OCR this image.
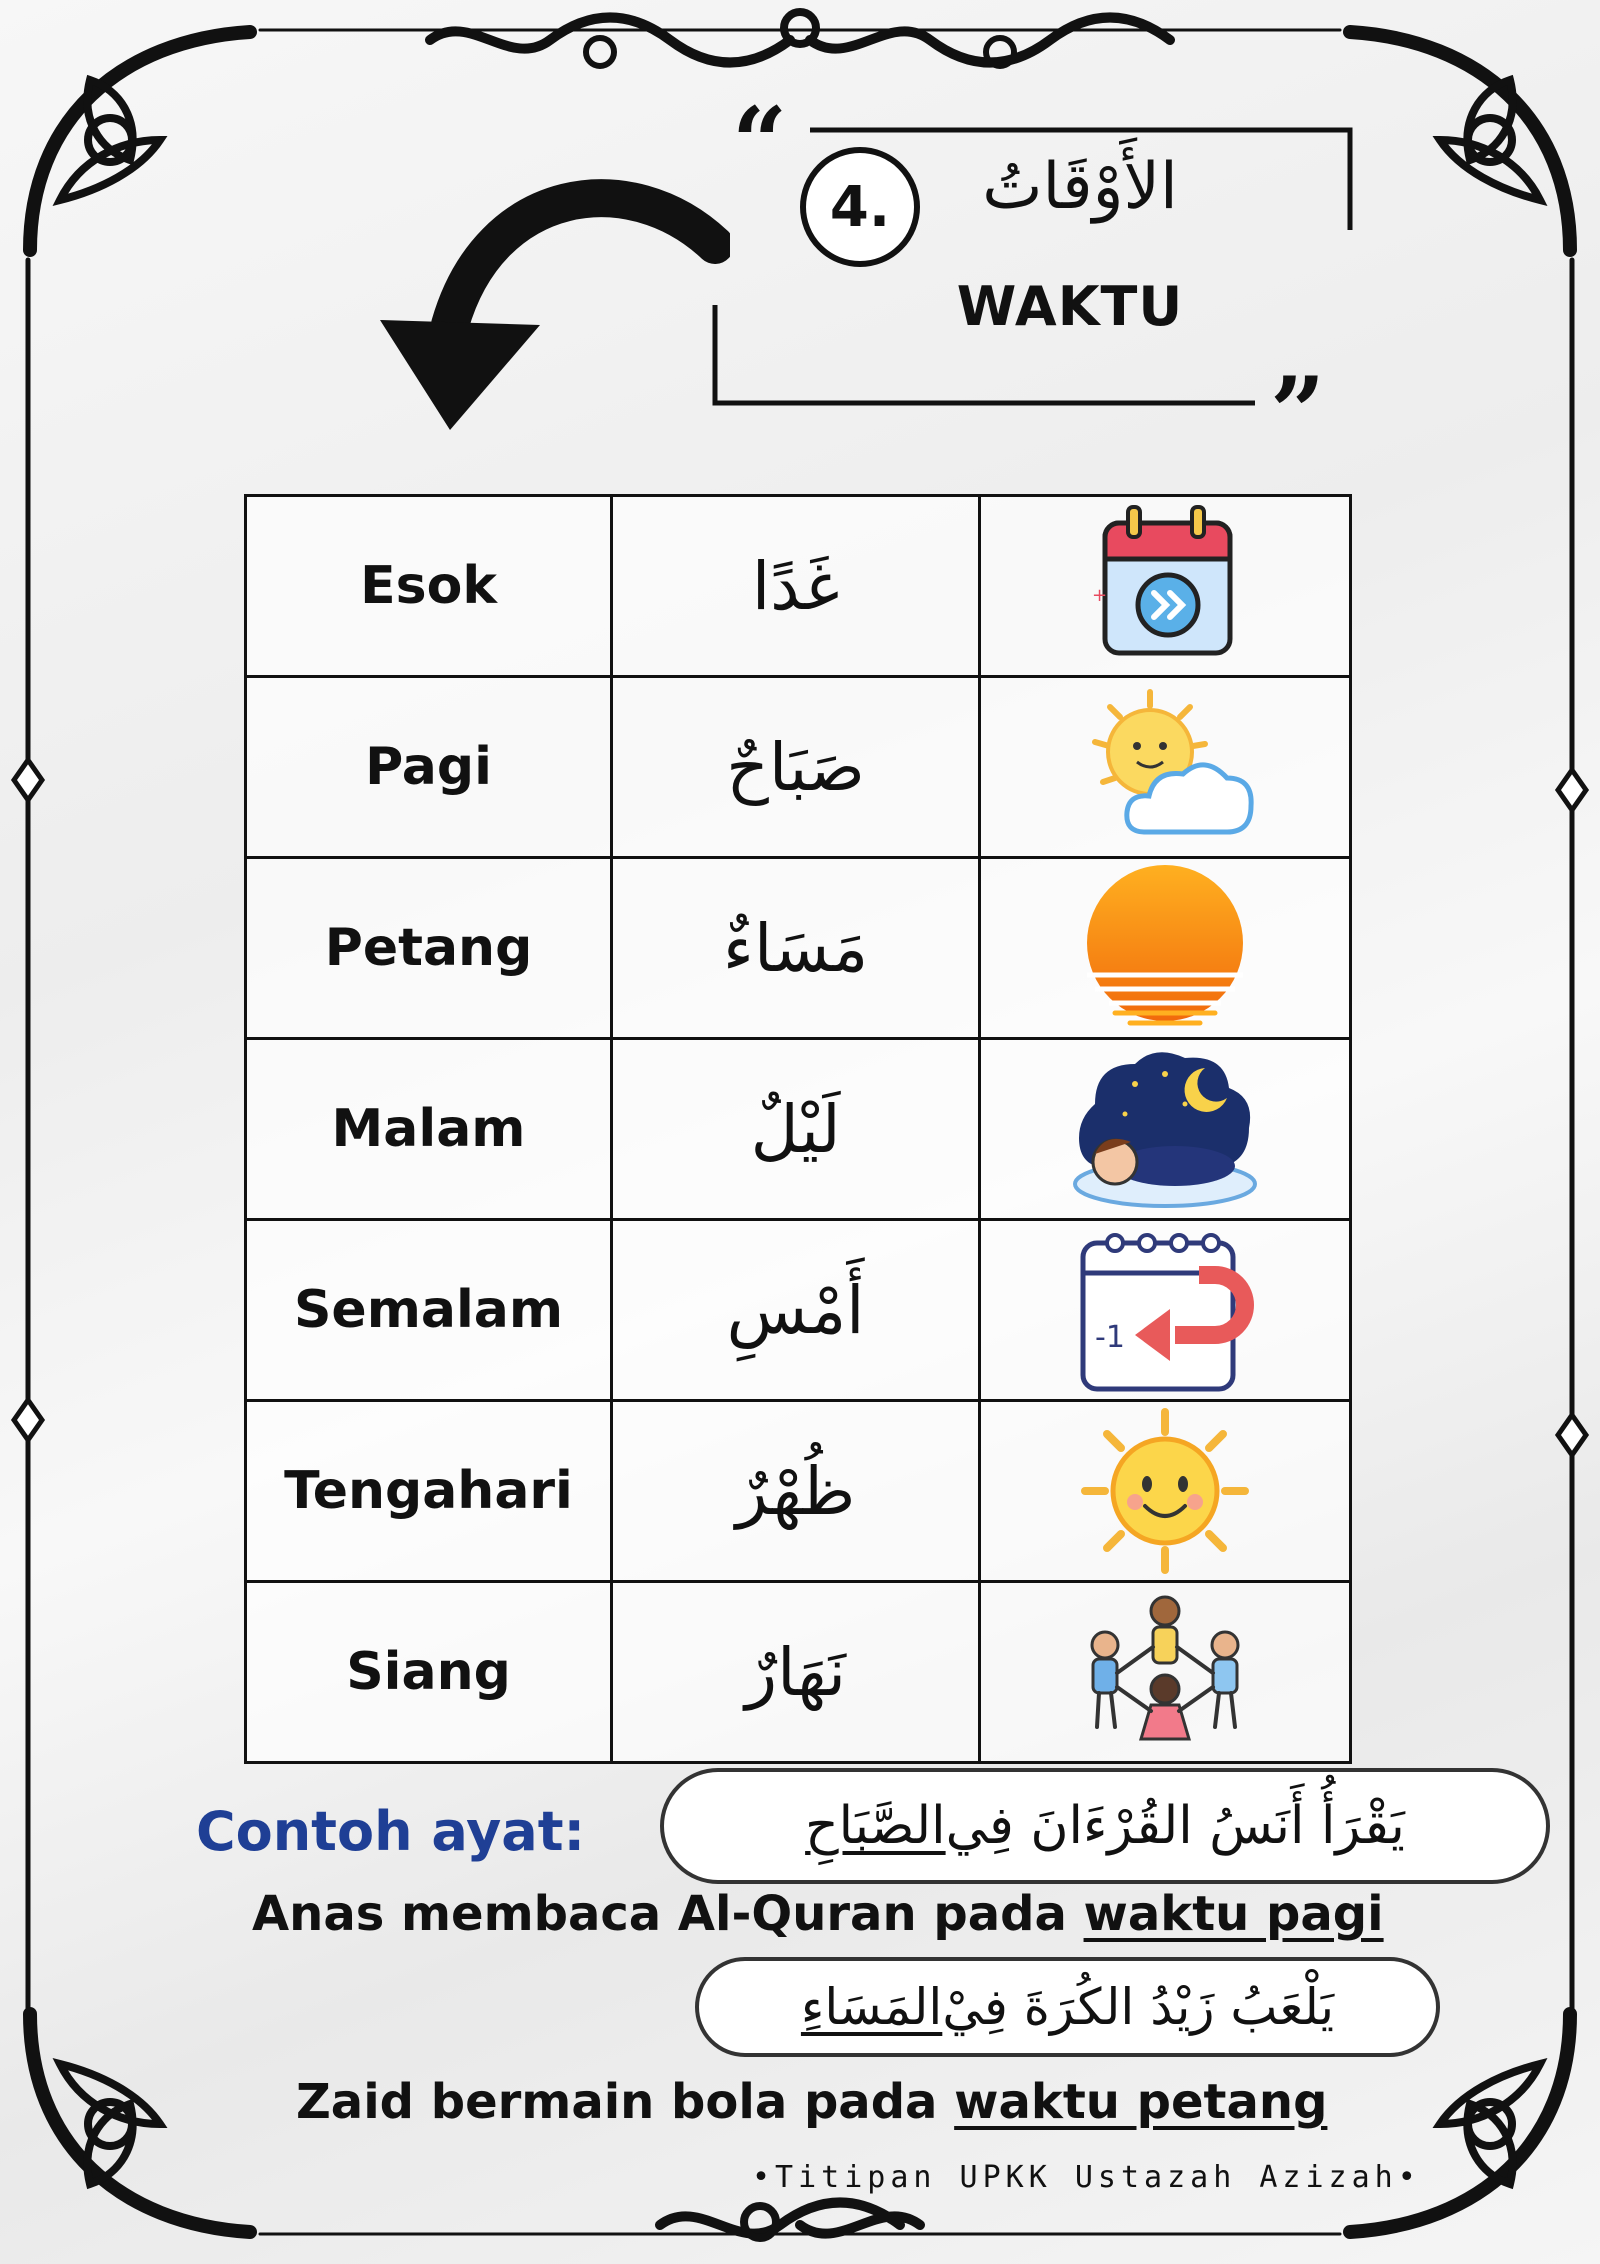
“
”
4.	الأَوْقَاتُ
WAKTU
Esok	غَدًا	+

Pagi	صَبَاحٌ	

Petang	مَسَاءٌ	

Malam	لَيْلٌ	

Semalam	أَمْسِ	-1

Tengahari	ظُهْرٌ	

Siang	نَهَارٌ	
Contoh ayat:	يَقْرَأُ أَنَسُ القُرْءَانَ فِي
الصَّبَاحِ
Anas membaca Al-Quran pada waktu pagi
يَلْعَبُ زَيْدُ الكُرَةَ فِيْ
المَسَاءِ
Zaid bermain bola pada waktu petang
•Titipan UPKK Ustazah Azizah•
